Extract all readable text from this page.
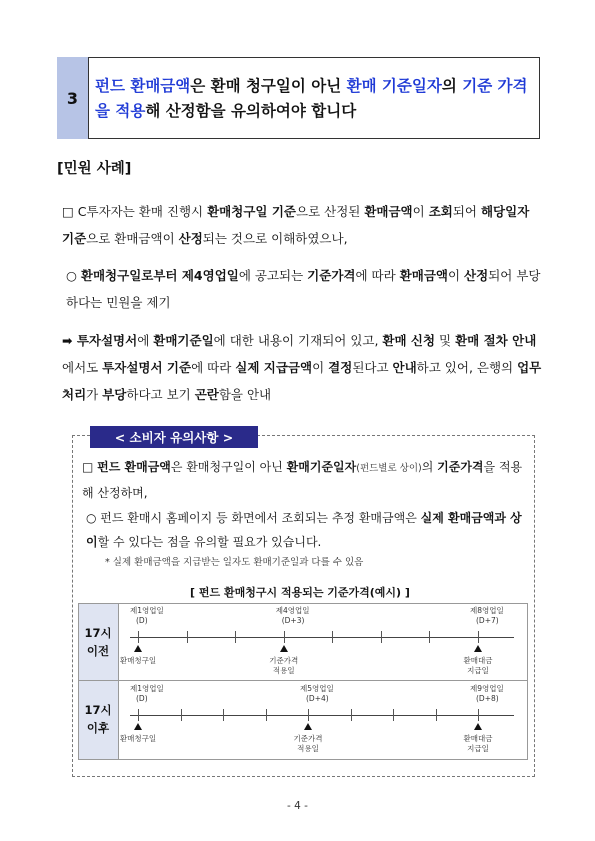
3
펀드 환매금액은 환매 청구일이 아닌 환매 기준일자의 기준 가격을 적용해 산정함을 유의하여야 합니다
[민원 사례]
□ C투자자는 환매 진행시 환매청구일 기준으로 산정된 환매금액이 조회되어 해당일자 기준으로 환매금액이 산정되는 것으로 이해하였으나,
○ 환매청구일로부터 제4영업일에 공고되는 기준가격에 따라 환매금액이 산정되어 부당하다는 민원을 제기
➡ 투자설명서에 환매기준일에 대한 내용이 기재되어 있고, 환매 신청 및 환매 절차 안내에서도 투자설명서 기준에 따라 실제 지급금액이 결정된다고 안내하고 있어, 은행의 업무처리가 부당하다고 보기 곤란함을 안내
< 소비자 유의사항 >
□ 펀드 환매금액은 환매청구일이 아닌 환매기준일자(펀드별로 상이)의 기준가격을 적용해 산정하며,
○ 펀드 환매시 홈페이지 등 화면에서 조회되는 추정 환매금액은 실제 환매금액과 상이할 수 있다는 점을 유의할 필요가 있습니다.
* 실제 환매금액을 지급받는 일자도 환매기준일과 다를 수 있음
[ 펀드 환매청구시 적용되는 기준가격(예시) ]
17시
이전
17시
이후
제1영업일
(D)
환매청구일
제4영업일
(D+3)
기준가격
적용일
제8영업일
(D+7)
환매대금
지급일
제1영업일
(D)
환매청구일
제5영업일
(D+4)
기준가격
적용일
제9영업일
(D+8)
환매대금
지급일
- 4 -
